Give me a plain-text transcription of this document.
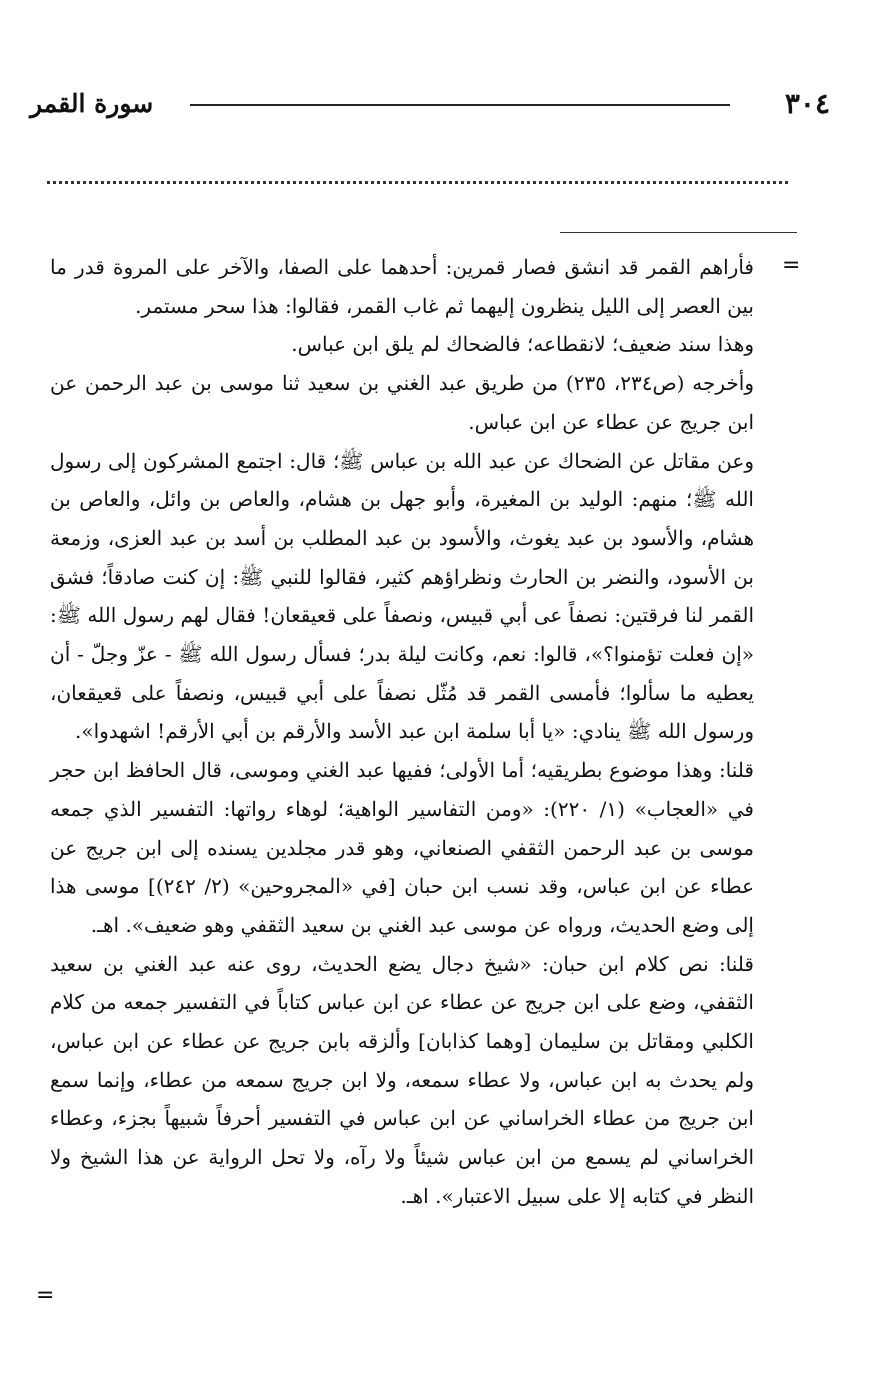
٣٠٤
سورة القمر
=
=

فأراهم القمر قد انشق فصار قمرين: أحدهما على الصفا، والآخر على المروة قدر ما بين العصر إلى الليل ينظرون إليهما ثم غاب القمر، فقالوا: هذا سحر مستمر.

وهذا سند ضعيف؛ لانقطاعه؛ فالضحاك لم يلق ابن عباس.

وأخرجه (ص٢٣٤، ٢٣٥) من طريق عبد الغني بن سعيد ثنا موسى بن عبد الرحمن عن ابن جريج عن عطاء عن ابن عباس.

وعن مقاتل عن الضحاك عن عبد الله بن عباس ﷺ؛ قال: اجتمع المشركون إلى رسول الله ﷺ؛ منهم: الوليد بن المغيرة، وأبو جهل بن هشام، والعاص بن وائل، والعاص بن هشام، والأسود بن عبد يغوث، والأسود بن عبد المطلب بن أسد بن عبد العزى، وزمعة بن الأسود، والنضر بن الحارث ونظراؤهم كثير، فقالوا للنبي ﷺ: إن كنت صادقاً؛ فشق القمر لنا فرقتين: نصفاً عى أبي قبيس، ونصفاً على قعيقعان! فقال لهم رسول الله ﷺ: «إن فعلت تؤمنوا؟»، قالوا: نعم، وكانت ليلة بدر؛ فسأل رسول الله ﷺ - عزّ وجلّ - أن يعطيه ما سألوا؛ فأمسى القمر قد مُثّل نصفاً على أبي قبيس، ونصفاً على قعيقعان، ورسول الله ﷺ ينادي: «يا أبا سلمة ابن عبد الأسد والأرقم بن أبي الأرقم! اشهدوا».

قلنا: وهذا موضوع بطريقيه؛ أما الأولى؛ ففيها عبد الغني وموسى، قال الحافظ ابن حجر في «العجاب» (١/ ٢٢٠): «ومن التفاسير الواهية؛ لوهاء رواتها: التفسير الذي جمعه موسى بن عبد الرحمن الثقفي الصنعاني، وهو قدر مجلدين يسنده إلى ابن جريج عن عطاء عن ابن عباس، وقد نسب ابن حبان [في «المجروحين» (٢/ ٢٤٢)] موسى هذا إلى وضع الحديث، ورواه عن موسى عبد الغني بن سعيد الثقفي وهو ضعيف». اهـ.

قلنا: نص كلام ابن حبان: «شيخ دجال يضع الحديث، روى عنه عبد الغني بن سعيد الثقفي، وضع على ابن جريج عن عطاء عن ابن عباس كتاباً في التفسير جمعه من كلام الكلبي ومقاتل بن سليمان [وهما كذابان] وألزقه بابن جريج عن عطاء عن ابن عباس، ولم يحدث به ابن عباس، ولا عطاء سمعه، ولا ابن جريج سمعه من عطاء، وإنما سمع ابن جريج من عطاء الخراساني عن ابن عباس في التفسير أحرفاً شبيهاً بجزء، وعطاء الخراساني لم يسمع من ابن عباس شيئاً ولا رآه، ولا تحل الرواية عن هذا الشيخ ولا النظر في كتابه إلا على سبيل الاعتبار». اهـ.
